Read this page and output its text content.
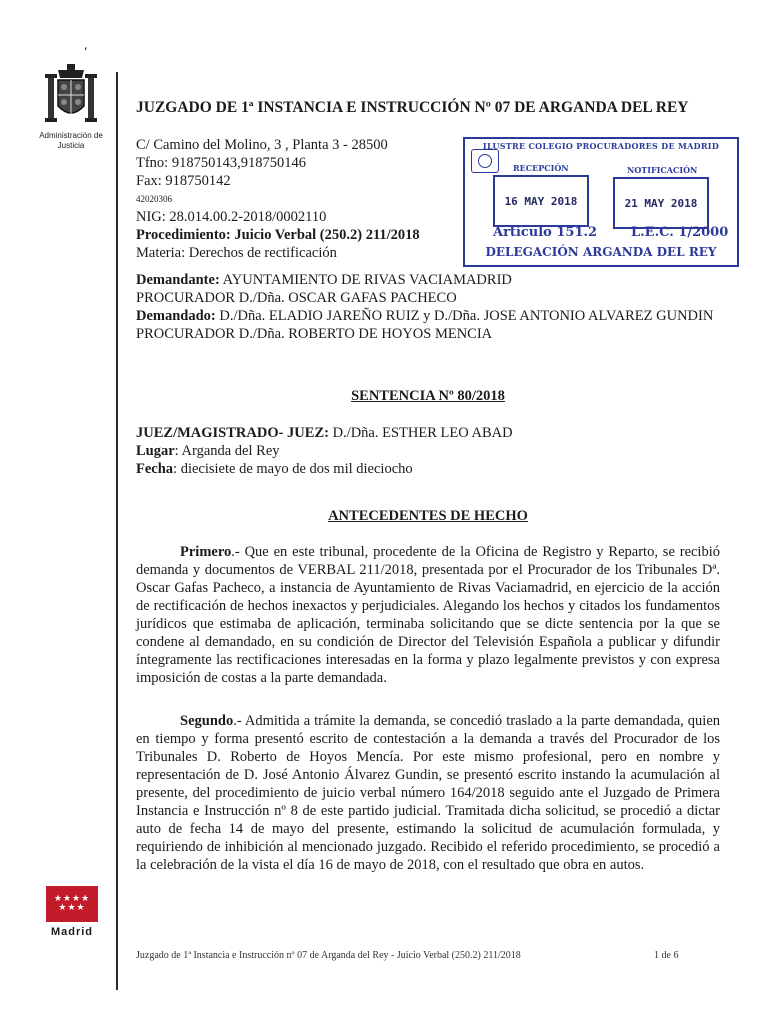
'
Administración de Justicia
JUZGADO DE 1ª INSTANCIA E INSTRUCCIÓN Nº 07 DE ARGANDA DEL REY
C/ Camino del Molino, 3 , Planta 3 - 28500
Tfno: 918750143,918750146
Fax: 918750142
42020306
NIG: 28.014.00.2-2018/0002110
Procedimiento: Juicio Verbal (250.2) 211/2018
Materia: Derechos de rectificación
ILUSTRE COLEGIO PROCURADORES DE MADRID
RECEPCIÓN	NOTIFICACIÓN
16 MAY 2018	21 MAY 2018
Artículo 151.2	L.E.C. 1/2000
DELEGACIÓN ARGANDA DEL REY
Demandante: AYUNTAMIENTO DE RIVAS VACIAMADRID
PROCURADOR D./Dña. OSCAR GAFAS PACHECO
Demandado: D./Dña. ELADIO JAREÑO RUIZ y D./Dña. JOSE ANTONIO ALVAREZ GUNDIN
PROCURADOR D./Dña. ROBERTO DE HOYOS MENCIA
SENTENCIA Nº 80/2018
JUEZ/MAGISTRADO- JUEZ: D./Dña. ESTHER LEO ABAD
Lugar: Arganda del Rey
Fecha: diecisiete de mayo de dos mil dieciocho
ANTECEDENTES DE HECHO
Primero.- Que en este tribunal, procedente de la Oficina de Registro y Reparto, se recibió demanda y documentos de VERBAL 211/2018, presentada por el Procurador de los Tribunales Dª. Oscar Gafas Pacheco, a instancia de Ayuntamiento de Rivas Vaciamadrid, en ejercicio de la acción de rectificación de hechos inexactos y perjudiciales. Alegando los hechos y citados los fundamentos jurídicos que estimaba de aplicación, terminaba solicitando que se dicte sentencia por la que se condene al demandado, en su condición de Director del Televisión Española a publicar y difundir íntegramente las rectificaciones interesadas en la forma y plazo legalmente previstos y con expresa imposición de costas a la parte demandada.
Segundo.- Admitida a trámite la demanda, se concedió traslado a la parte demandada, quien en tiempo y forma presentó escrito de contestación a la demanda a través del Procurador de los Tribunales D. Roberto de Hoyos Mencía. Por este mismo profesional, pero en nombre y representación de D. José Antonio Álvarez Gundin, se presentó escrito instando la acumulación al presente, del procedimiento de juicio verbal número 164/2018 seguido ante el Juzgado de Primera Instancia e Instrucción nº 8 de este partido judicial. Tramitada dicha solicitud, se procedió a dictar auto de fecha 14 de mayo del presente, estimando la solicitud de acumulación formulada, y requiriendo de inhibición al mencionado juzgado. Recibido el referido procedimiento, se procedió a la celebración de la vista el día 16 de mayo de 2018, con el resultado que obra en autos.
★★★★ ★★★
Madrid
Juzgado de 1ª Instancia e Instrucción nº 07 de Arganda del Rey - Juicio Verbal (250.2) 211/2018	1 de 6
